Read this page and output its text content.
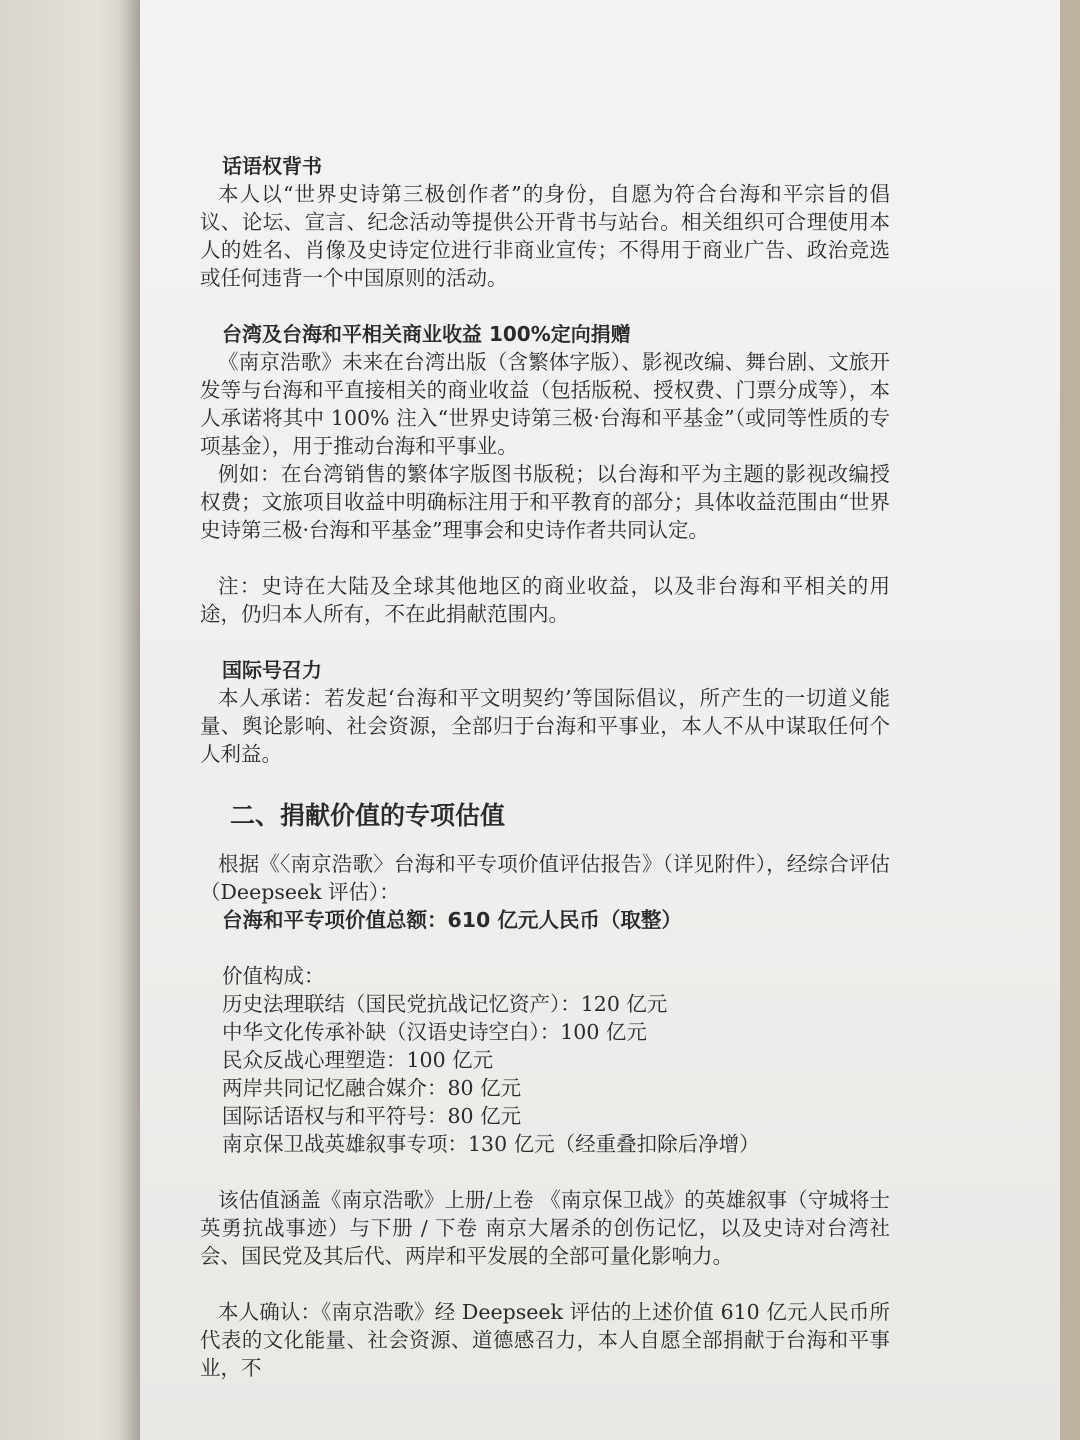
话语权背书

本人以“世界史诗第三极创作者”的身份，自愿为符合台海和平宗旨的倡议、论坛、宣言、纪念活动等提供公开背书与站台。相关组织可合理使用本人的姓名、肖像及史诗定位进行非商业宣传；不得用于商业广告、政治竞选或任何违背一个中国原则的活动。

台湾及台海和平相关商业收益 100%定向捐赠

《南京浩歌》未来在台湾出版（含繁体字版）、影视改编、舞台剧、文旅开发等与台海和平直接相关的商业收益（包括版税、授权费、门票分成等），本人承诺将其中 100% 注入“世界史诗第三极·台海和平基金”（或同等性质的专项基金），用于推动台海和平事业。

例如：在台湾销售的繁体字版图书版税；以台海和平为主题的影视改编授权费；文旅项目收益中明确标注用于和平教育的部分；具体收益范围由“世界史诗第三极·台海和平基金”理事会和史诗作者共同认定。

注：史诗在大陆及全球其他地区的商业收益，以及非台海和平相关的用途，仍归本人所有，不在此捐献范围内。

国际号召力

本人承诺：若发起‘台海和平文明契约’等国际倡议，所产生的一切道义能量、舆论影响、社会资源，全部归于台海和平事业，本人不从中谋取任何个人利益。

二、捐献价值的专项估值

根据《〈南京浩歌〉台海和平专项价值评估报告》（详见附件），经综合评估（Deepseek 评估）：

台海和平专项价值总额：610 亿元人民币（取整）
价值构成：
历史法理联结（国民党抗战记忆资产）：120 亿元
中华文化传承补缺（汉语史诗空白）：100 亿元
民众反战心理塑造：100 亿元
两岸共同记忆融合媒介：80 亿元
国际话语权与和平符号：80 亿元
南京保卫战英雄叙事专项：130 亿元（经重叠扣除后净增）

该估值涵盖《南京浩歌》上册/上卷 《南京保卫战》的英雄叙事（守城将士英勇抗战事迹）与下册 / 下卷 南京大屠杀的创伤记忆，以及史诗对台湾社会、国民党及其后代、两岸和平发展的全部可量化影响力。

本人确认：《南京浩歌》经 Deepseek 评估的上述价值 610 亿元人民币所代表的文化能量、社会资源、道德感召力，本人自愿全部捐献于台海和平事业，不
